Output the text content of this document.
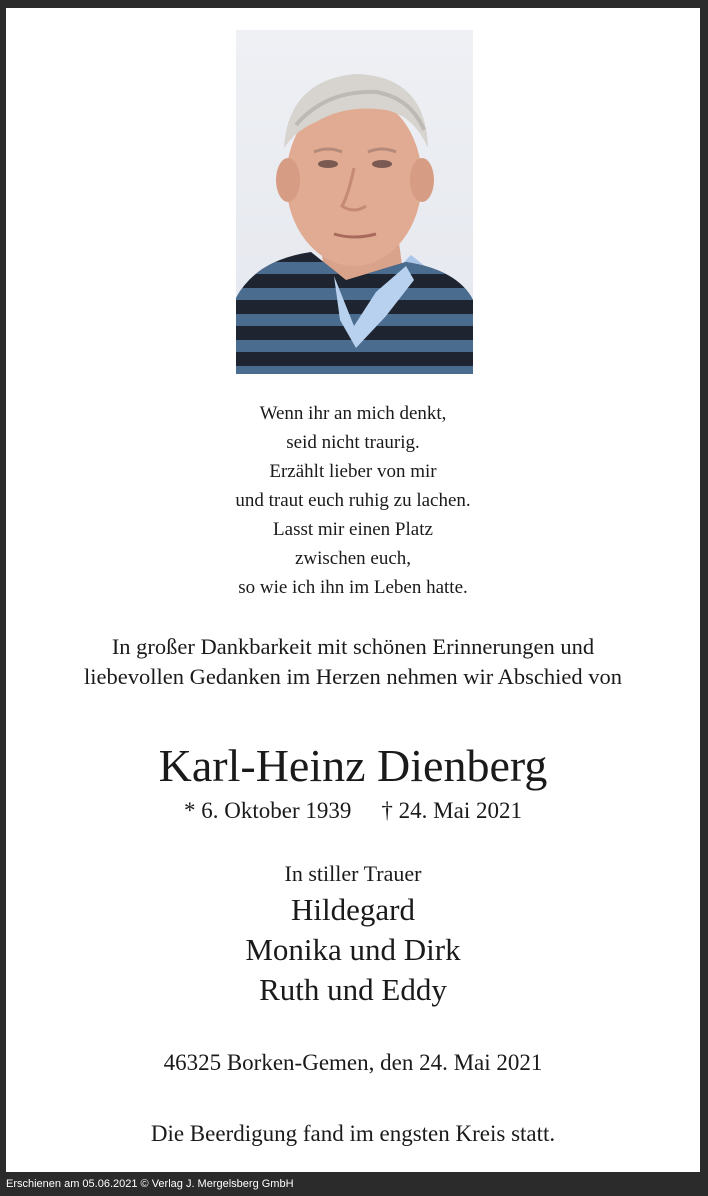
Wenn ihr an mich denkt,
seid nicht traurig.
Erzählt lieber von mir
und traut euch ruhig zu lachen.
Lasst mir einen Platz
zwischen euch,
so wie ich ihn im Leben hatte.
In großer Dankbarkeit mit schönen Erinnerungen und
liebevollen Gedanken im Herzen nehmen wir Abschied von
Karl-Heinz Dienberg
* 6. Oktober 1939 † 24. Mai 2021
In stiller Trauer
Hildegard
Monika und Dirk
Ruth und Eddy
46325 Borken-Gemen, den 24. Mai 2021
Die Beerdigung fand im engsten Kreis statt.
Erschienen am 05.06.2021 © Verlag J. Mergelsberg GmbH
